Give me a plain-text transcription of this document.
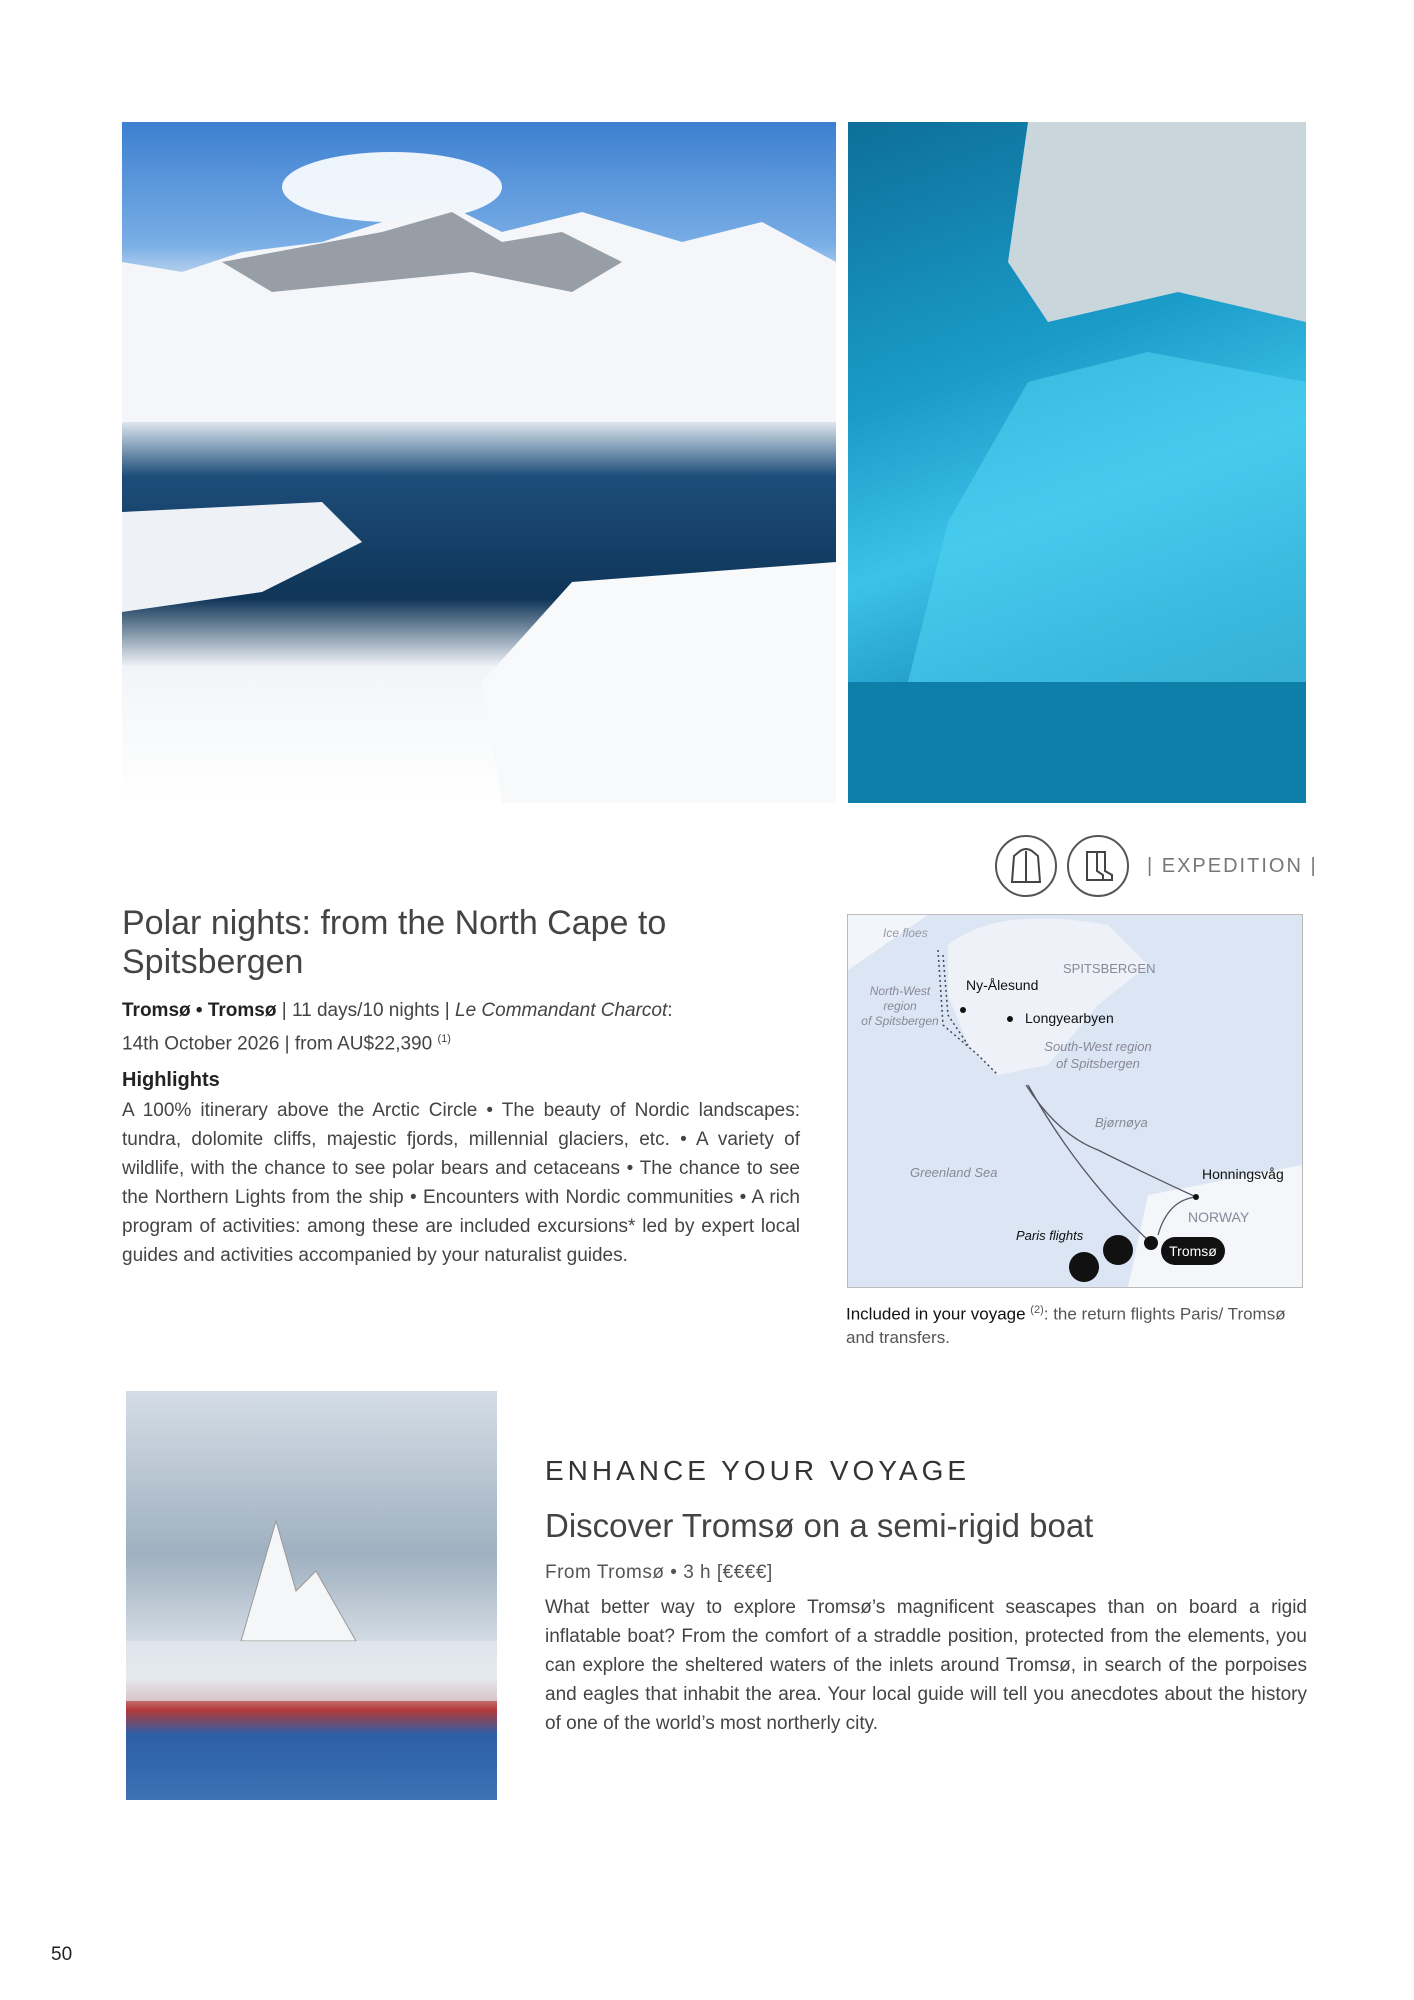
| EXPEDITION |
Polar nights: from the North Cape to Spitsbergen
Tromsø • Tromsø | 11 days/10 nights | Le Commandant Charcot:
14th October 2026 | from AU$22,390 $^{(1)}$
Highlights
A 100% itinerary above the Arctic Circle • The beauty of Nordic landscapes: tundra, dolomite cliffs, majestic fjords, millennial glaciers, etc. • A variety of wildlife, with the chance to see polar bears and cetaceans • The chance to see the Northern Lights from the ship • Encounters with Nordic communities • A rich program of activities: among these are included excursions* led by expert local guides and activities accompanied by your naturalist guides.
Ice floes
SPITSBERGEN
North-West
region
of Spitsbergen
Ny-Ålesund
Longyearbyen
South-West region
of Spitsbergen
Bjørnøya
Greenland Sea	Honningsvåg
NORWAY
Paris flights
Tromsø
Included in your voyage $^{(2)}$: the return flights Paris/ Tromsø and transfers.
ENHANCE YOUR VOYAGE
Discover Tromsø on a semi-rigid boat
From Tromsø • 3 h [€€€€]
What better way to explore Tromsø’s magnificent seascapes than on board a rigid inflatable boat? From the comfort of a straddle position, protected from the elements, you can explore the sheltered waters of the inlets around Tromsø, in search of the porpoises and eagles that inhabit the area. Your local guide will tell you anecdotes about the history of one of the world’s most northerly city.
50
